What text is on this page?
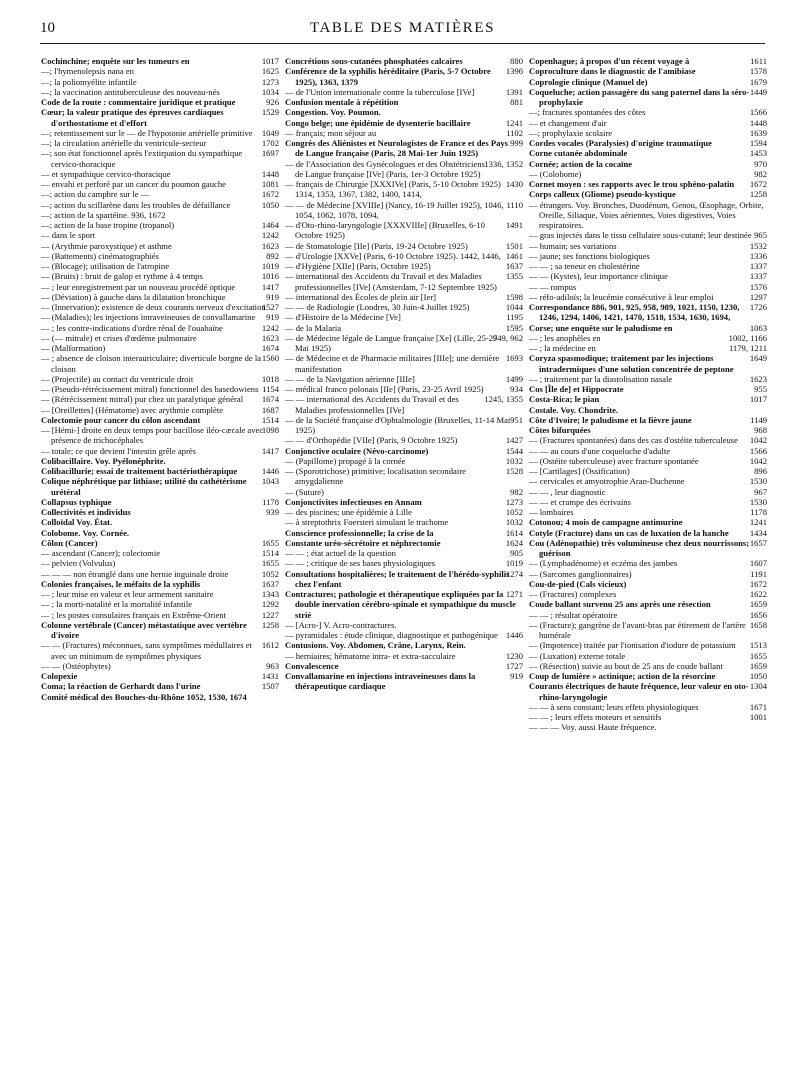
10	TABLE DES MATIÈRES

1017
Cochinchine; enquête sur les tumeurs en

1625
—; l'hymenolepsis nana en

1273
—; la poliomyélite infantile

1034
—; la vaccination antituberculeuse des nouveau-nés

926
Code de la route : commentaire juridique et pratique

1529
Cœur; la valeur pratique des épreuves cardiaques d'orthostatisme et d'effort

1049
—; retentissement sur le — de l'hypotonie artérielle primitive

1702
—; la circulation artérielle du ventricule-secteur

1697
—; son état fonctionnel après l'extirpation du sympathique cervico-thoracique

1448
— et sympathique cervico-thoracique

1081
— envahi et perforé par un cancer du poumon gauche

1672
—; action du camphre sur le —

1050
—; action du scillarène dans les troubles de défaillance

—; action de la spartéine. 936, 1672

1464
—; action de la base tropine (tropanol)

1242
— dans le sport

1623
— (Arythmie paroxystique) et asthme

892
— (Battements) cinématographiés

1019
— (Blocage); utilisation de l'atropine

1016
— (Bruits) : bruit de galop et rythme à 4 temps

1417
— ; leur enregistrement par un nouveau procédé optique

919
— (Déviation) à gauche dans la dilatation bronchique

1527
— (Innervation); existence de deux courants nerveux d'excitation

919
— (Maladies); les injections intraveineuses de convallamarine

1242
— ; les contre-indications d'ordre rénal de l'ouabaïne

1623
— (— mitrale) et crises d'œdème pulmonaire

1674
— (Malformation)

1560
— ; absence de cloison interauriculaire; diverticule borgne de la cloison

1018
— (Projectile) au contact du ventricule droit

1154
— (Pseudo-rétrécissement mitral) fonctionnel des basedowiens

1674
— (Rétrécissement mitral) pur chez un paralytique général

1687
— [Oreillettes] (Hématome) avec arythmie complète

1514
Colectomie pour cancer du côlon ascendant

1098
— [Hémi-] droite en deux temps pour bacillose iléo-cæcale avec présence de trichocéphales

1417
— totale; ce que devient l'intestin grêle après

Colibacillaire. Voy. Pyélonéphrite.

1446
Colibacillurie; essai de traitement bactériothérapique

1043
Colique néphrétique par lithiase; utilité du cathétérisme urétéral

1178
Collapsus typhique

939
Collectivités et individus

Colloïdal Voy. État.

Colobome. Voy. Cornée.

1655
Côlon (Cancer)

1514
— ascendant (Cancer); colectomie

1655
— pelvien (Volvulus)

1052
— — — non étranglé dans une hernie inguinale droite

1637
Colonies françaises, le méfaits de la syphilis

1343
— ; leur mise en valeur et leur armement sanitaire

1292
— ; la morti-natalité et la mortalité infantile

1227
— ; les postes consulaires français en Extrême-Orient

1258
Colonne vertébrale (Cancer) métastatique avec vertèbre d'ivoire

1612
— — (Fractures) méconnues, sans symptômes médullaires et avec un minimum de symptômes physiques

963
— — (Ostéophytes)

1431
Colopexie

1507
Coma; la réaction de Gerhardt dans l'urine

Comité médical des Bouches-du-Rhône 1052, 1530, 1674

880
Concrétions sous-cutanées phosphatées calcaires

1396
Conférence de la syphilis héréditaire (Paris, 5-7 Octobre 1925), 1363, 1379

1391
— de l'Union internationale contre la tuberculose [IVe]

881
Confusion mentale à répétition

Congestion. Voy. Poumon.

1241
Congo belge; une épidémie de dysenterie bacillaire

1102
— français; mon séjour au

999
Congrès des Aliénistes et Neurologistes de France et des Pays de Langue française (Paris, 28 Mai-1er Juin 1925)

1336, 1352
— de l'Association des Gynécologues et des Obstétriciens de Langue française [IVe] (Paris, 1er-3 Octobre 1925)

1430
— français de Chirurgie [XXXIVe] (Paris, 5-10 Octobre 1925) 1314, 1353, 1367, 1382, 1400, 1414,

1110
— — de Médecine [XVIIIe] (Nancy, 16-19 Juillet 1925), 1046, 1054, 1062, 1078, 1094,

1491
— d'Oto-rhino-laryngologie [XXXVIIIe] (Bruxelles, 6-10 Octobre 1925)

1501
— de Stomatologie [IIe] (Paris, 19-24 Octobre 1925)

1461
— d'Urologie [XXVe] (Paris, 6-10 Octobre 1925). 1442, 1446,

1637
— d'Hygiène [XIIe] (Paris, Octobre 1925)

1355
— international des Accidents du Travail et des Maladies professionnelles [IVe] (Amsterdam, 7-12 Septembre 1925)

1598
— international des Écoles de plein air [Ier]

1044
— — de Radiologie (Londres, 30 Juin-4 Juillet 1925)

1195
— d'Histoire de la Médecine [Ve]

1595
— de la Malaria

949, 962
— de Médecine légale de Langue française [Xe] (Lille, 25-27 Mai 1925)

1693
— de Médecine et de Pharmacie militaires [IIIe]; une dernière manifestation

1499
— — de la Navigation aérienne [IIIe]

934
— médical franco polonais [IIe] (Paris, 23-25 Avril 1925)

1245, 1355
— — international des Accidents du Travail et des Maladies professionnelles [IVe]

951
— de la Société française d'Ophtalmologie (Bruxelles, 11-14 Mai 1925)

1427
— — d'Orthopédie [VIIe] (Paris, 9 Octobre 1925)

1544
Conjonctive oculaire (Névo-carcinome)

1032
— (Papillome) propagé à la cornée

1528
— (Sporotrichose) primitive; localisation secondaire amygdalienne

982
— (Suture)

1273
Conjonctivites infectieuses en Annam

1052
— des piscines; une épidémie à Lille

1032
— à streptothrix Foersteri simulant le trachome

1614
Conscience professionnelle; la crise de la

1624
Constante uréo-sécrétoire et néphrectomie

905
— — ; état actuel de la question

1019
— — ; critique de ses bases physiologiques

1274
Consultations hospitalières; le traitement de l'hérédo-syphilis chez l'enfant

1271
Contractures; pathologie et thérapeutique expliquées par la double inervation cérébro-spinale et sympathique du muscle strié

— [Acro-] V. Acro-contractures.

1446
— pyramidales : étude clinique, diagnostique et pathogénique

Contusions. Voy. Abdomen, Crâne, Larynx, Rein.

1230
— herniaires; hématome intra- et extra-sacculaire

1727
Convalescence

919
Convallamarine en injections intraveineuses dans la thérapeutique cardiaque

1611
Copenhague; à propos d'un récent voyage à

1578
Coproculture dans le diagnostic de l'amibiase

1679
Coprologie clinique (Manuel de)

1449
Coqueluche; action passagère du sang paternel dans la séro-prophylaxie

1566
—; fractures spontanées des côtes

1448
— et changement d'air

1639
—; prophylaxie scolaire

1594
Cordes vocales (Paralysies) d'origine traumatique

1453
Corne cutanée abdominale

970
Cornée; action de la cocaïne

982
— (Colobome)

1672
Cornet moyen : ses rapports avec le trou sphéno-palatin

1258
Corps calleux (Gliome) pseudo-kystique

— étrangers. Voy. Bronches, Duodénum, Genou, Œsophage, Orbite, Oreille, Siliaque, Voies aériennes, Voies digestives, Voies respiratoires.

965
— gras injectés dans le tissu cellulaire sous-cutané; leur destinée

1532
— humain; ses variations

1336
— jaune; ses fonctions biologiques

1337
— — ; sa teneur en cholestérine

1337
— — (Kystes), leur importance clinique

1576
— — rompus

1297
— réfo-adiloïs; la leucémie consécutive à leur emploi

1726
Correspondance 886, 901, 925, 958, 989, 1021, 1150, 1230, 1246, 1294, 1406, 1421, 1470, 1518, 1534, 1630, 1694,

1063
Corse; une enquête sur le paludisme en

1002, 1166
— ; les anophèles en

1179, 1211
— ; la médecine en

1649
Coryza spasmodique; traitement par les injections intradermiques d'une solution concentrée de peptone

1623
— ; traitement par la diastolisation nasale

955
Cos [Île de] et Hippocrate

1017
Costa-Rica; le pian

Costale. Voy. Chondrite.

1149
Côte d'Ivoire; le paludisme et la fièvre jaune

968
Côtes bifurquées

1042
— (Fractures spontanées) dans des cas d'ostéite tuberculeuse

1566
— — au cours d'une coqueluche d'adulte

1042
— (Ostéite tuberculeuse) avec fracture spontanée

896
— [Cartilages] (Ossification)

1530
— cervicales et amyotrophie Aran-Duchenne

967
— — , leur diagnostic

1530
— — et crampe des écrivains

1178
— lombaires

1241
Cotonou; 4 mois de campagne antimurine

1434
Cotyle (Fracture) dans un cas de luxation de la hanche

1657
Cou (Adénopathie) très volumineuse chez deux nourrissons; guérison

1607
— (Lymphadénome) et eczéma des jambes

1191
— (Sarcomes ganglionnaires)

1672
Cou-de-pied (Cals vicieux)

1622
— (Fractures) complexes

1659
Coude ballant survenu 25 ans après une résection

1656
— — ; résultat opératoire

1658
— (Fracture); gangrène de l'avant-bras par étirement de l'artère humérale

1513
— (Impotence) traitée par l'ionisation d'iodure de potassium

1655
— (Luxation) externe totale

1659
— (Résection) suivie au bout de 25 ans de coude ballant

1050
Coup de lumière » actinique; action de la résorcine

1304
Courants électriques de haute fréquence, leur valeur en oto-rhino-laryngologie

1671
— — à sens constant; leurs effets physiologiques

1001
— — ; leurs effets moteurs et sensitifs

— — — Voy. aussi Haute fréquence.
